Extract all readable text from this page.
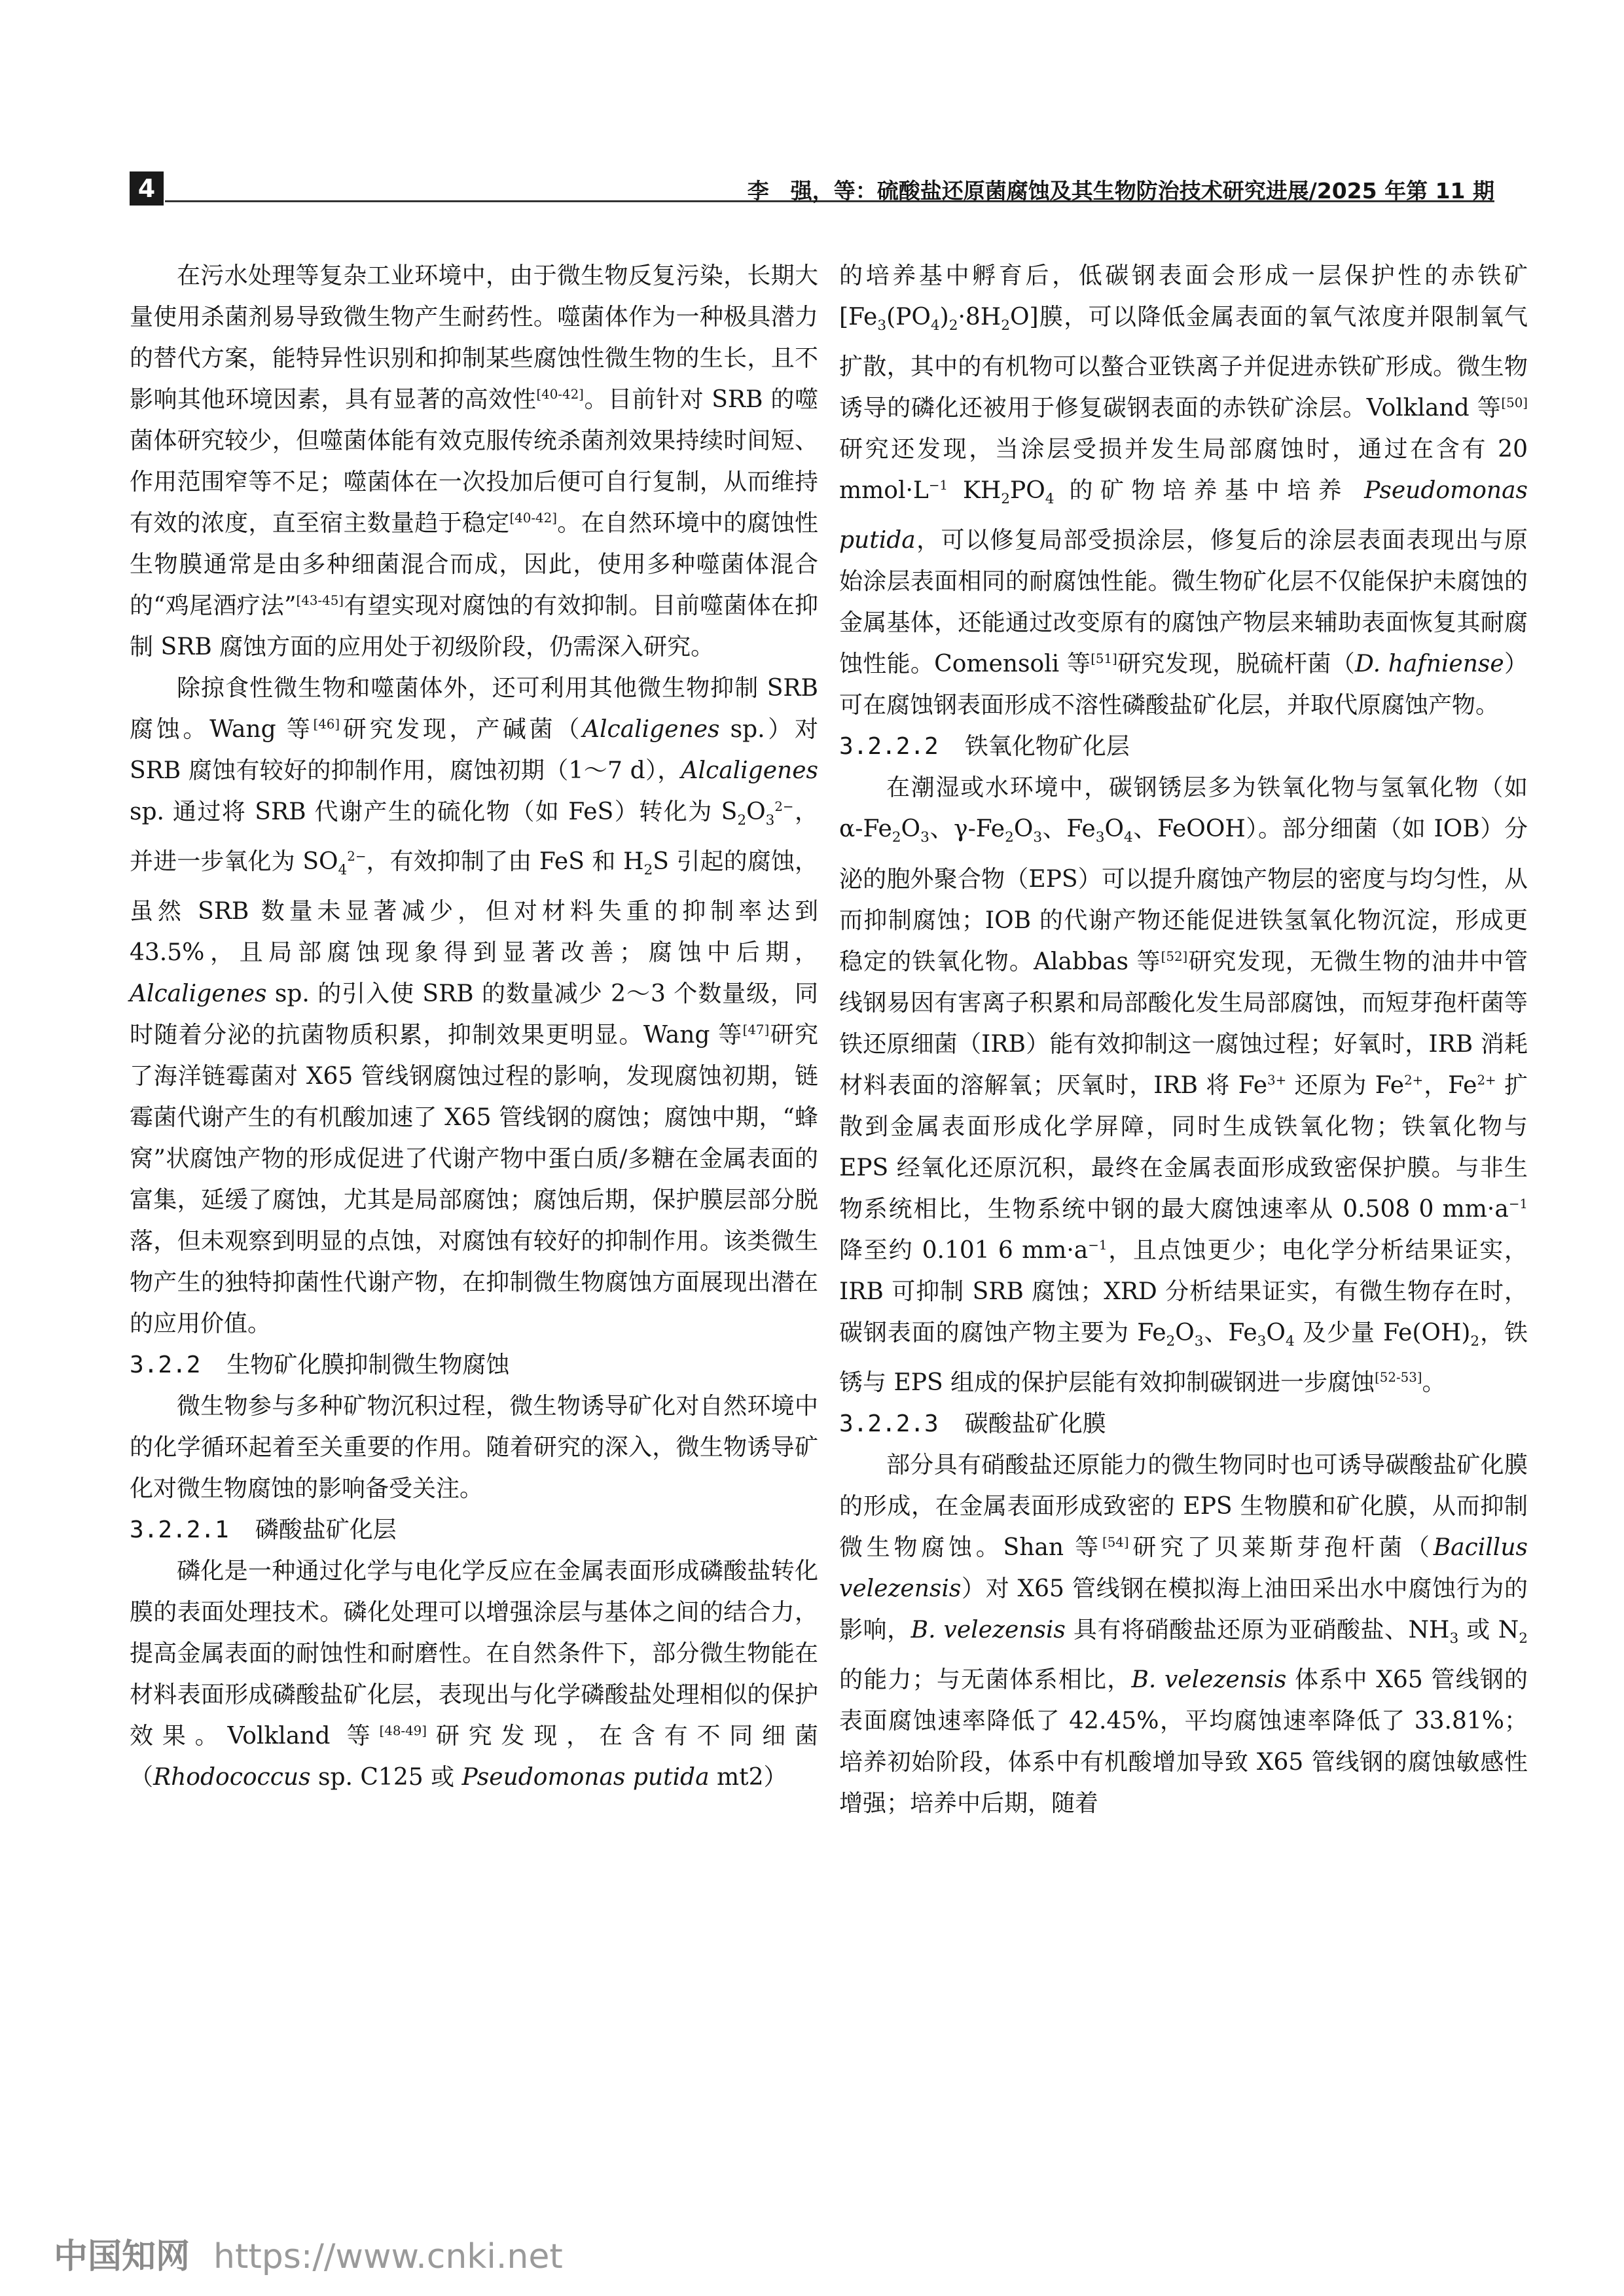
4	李　强，等：硫酸盐还原菌腐蚀及其生物防治技术研究进展/2025 年第 11 期

在污水处理等复杂工业环境中，由于微生物反复污染，长期大量使用杀菌剂易导致微生物产生耐药性。噬菌体作为一种极具潜力的替代方案，能特异性识别和抑制某些腐蚀性微生物的生长，且不影响其他环境因素，具有显著的高效性[40-42]。目前针对 SRB 的噬菌体研究较少，但噬菌体能有效克服传统杀菌剂效果持续时间短、作用范围窄等不足；噬菌体在一次投加后便可自行复制，从而维持有效的浓度，直至宿主数量趋于稳定[40-42]。在自然环境中的腐蚀性生物膜通常是由多种细菌混合而成，因此，使用多种噬菌体混合的“鸡尾酒疗法”[43-45]有望实现对腐蚀的有效抑制。目前噬菌体在抑制 SRB 腐蚀方面的应用处于初级阶段，仍需深入研究。

除掠食性微生物和噬菌体外，还可利用其他微生物抑制 SRB 腐蚀。Wang 等[46]研究发现，产碱菌（Alcaligenes sp.）对 SRB 腐蚀有较好的抑制作用，腐蚀初期（1～7 d），Alcaligenes sp. 通过将 SRB 代谢产生的硫化物（如 FeS）转化为 $S_2O_3^{2-}$，并进一步氧化为 $SO_4^{2-}$，有效抑制了由 FeS 和 $H_2S$ 引起的腐蚀，虽然 SRB 数量未显著减少，但对材料失重的抑制率达到 43.5%，且局部腐蚀现象得到显著改善；腐蚀中后期，Alcaligenes sp. 的引入使 SRB 的数量减少 2～3 个数量级，同时随着分泌的抗菌物质积累，抑制效果更明显。Wang 等[47]研究了海洋链霉菌对 X65 管线钢腐蚀过程的影响，发现腐蚀初期，链霉菌代谢产生的有机酸加速了 X65 管线钢的腐蚀；腐蚀中期，“蜂窝”状腐蚀产物的形成促进了代谢产物中蛋白质/多糖在金属表面的富集，延缓了腐蚀，尤其是局部腐蚀；腐蚀后期，保护膜层部分脱落，但未观察到明显的点蚀，对腐蚀有较好的抑制作用。该类微生物产生的独特抑菌性代谢产物，在抑制微生物腐蚀方面展现出潜在的应用价值。

3.2.2 生物矿化膜抑制微生物腐蚀

微生物参与多种矿物沉积过程，微生物诱导矿化对自然环境中的化学循环起着至关重要的作用。随着研究的深入，微生物诱导矿化对微生物腐蚀的影响备受关注。

3.2.2.1 磷酸盐矿化层

磷化是一种通过化学与电化学反应在金属表面形成磷酸盐转化膜的表面处理技术。磷化处理可以增强涂层与基体之间的结合力，提高金属表面的耐蚀性和耐磨性。在自然条件下，部分微生物能在材料表面形成磷酸盐矿化层，表现出与化学磷酸盐处理相似的保护效果。Volkland 等[48-49]研究发现，在含有不同细菌（Rhodococcus sp. C125 或 Pseudomonas putida mt2）

的培养基中孵育后，低碳钢表面会形成一层保护性的赤铁矿$[Fe_3(PO_4)_2\cdot 8H_2O]$膜，可以降低金属表面的氧气浓度并限制氧气扩散，其中的有机物可以螯合亚铁离子并促进赤铁矿形成。微生物诱导的磷化还被用于修复碳钢表面的赤铁矿涂层。Volkland 等[50]研究还发现，当涂层受损并发生局部腐蚀时，通过在含有 20 $mmol\cdot L^{-1}$ $KH_2PO_4$ 的矿物培养基中培养 Pseudomonas putida，可以修复局部受损涂层，修复后的涂层表面表现出与原始涂层表面相同的耐腐蚀性能。微生物矿化层不仅能保护未腐蚀的金属基体，还能通过改变原有的腐蚀产物层来辅助表面恢复其耐腐蚀性能。Comensoli 等[51]研究发现，脱硫杆菌（D. hafniense）可在腐蚀钢表面形成不溶性磷酸盐矿化层，并取代原腐蚀产物。

3.2.2.2 铁氧化物矿化层

在潮湿或水环境中，碳钢锈层多为铁氧化物与氢氧化物（如 $\alpha-Fe_2O_3$、$\gamma-Fe_2O_3$、$Fe_3O_4$、FeOOH）。部分细菌（如 IOB）分泌的胞外聚合物（EPS）可以提升腐蚀产物层的密度与均匀性，从而抑制腐蚀；IOB 的代谢产物还能促进铁氢氧化物沉淀，形成更稳定的铁氧化物。Alabbas 等[52]研究发现，无微生物的油井中管线钢易因有害离子积累和局部酸化发生局部腐蚀，而短芽孢杆菌等铁还原细菌（IRB）能有效抑制这一腐蚀过程；好氧时，IRB 消耗材料表面的溶解氧；厌氧时，IRB 将 $Fe^{3+}$ 还原为 $Fe^{2+}$，$Fe^{2+}$ 扩散到金属表面形成化学屏障，同时生成铁氧化物；铁氧化物与 EPS 经氧化还原沉积，最终在金属表面形成致密保护膜。与非生物系统相比，生物系统中钢的最大腐蚀速率从 0.508 0 $mm\cdot a^{-1}$ 降至约 0.101 6 $mm\cdot a^{-1}$，且点蚀更少；电化学分析结果证实，IRB 可抑制 SRB 腐蚀；XRD 分析结果证实，有微生物存在时，碳钢表面的腐蚀产物主要为 $Fe_2O_3$、$Fe_3O_4$ 及少量 $Fe(OH)_2$，铁锈与 EPS 组成的保护层能有效抑制碳钢进一步腐蚀[52-53]。

3.2.2.3 碳酸盐矿化膜

部分具有硝酸盐还原能力的微生物同时也可诱导碳酸盐矿化膜的形成，在金属表面形成致密的 EPS 生物膜和矿化膜，从而抑制微生物腐蚀。Shan 等[54]研究了贝莱斯芽孢杆菌（Bacillus velezensis）对 X65 管线钢在模拟海上油田采出水中腐蚀行为的影响，B. velezensis 具有将硝酸盐还原为亚硝酸盐、$NH_3$ 或 $N_2$ 的能力；与无菌体系相比，B. velezensis 体系中 X65 管线钢的表面腐蚀速率降低了 42.45%，平均腐蚀速率降低了 33.81%；培养初始阶段，体系中有机酸增加导致 X65 管线钢的腐蚀敏感性增强；培养中后期，随着

中国知网 https://www.cnki.net
